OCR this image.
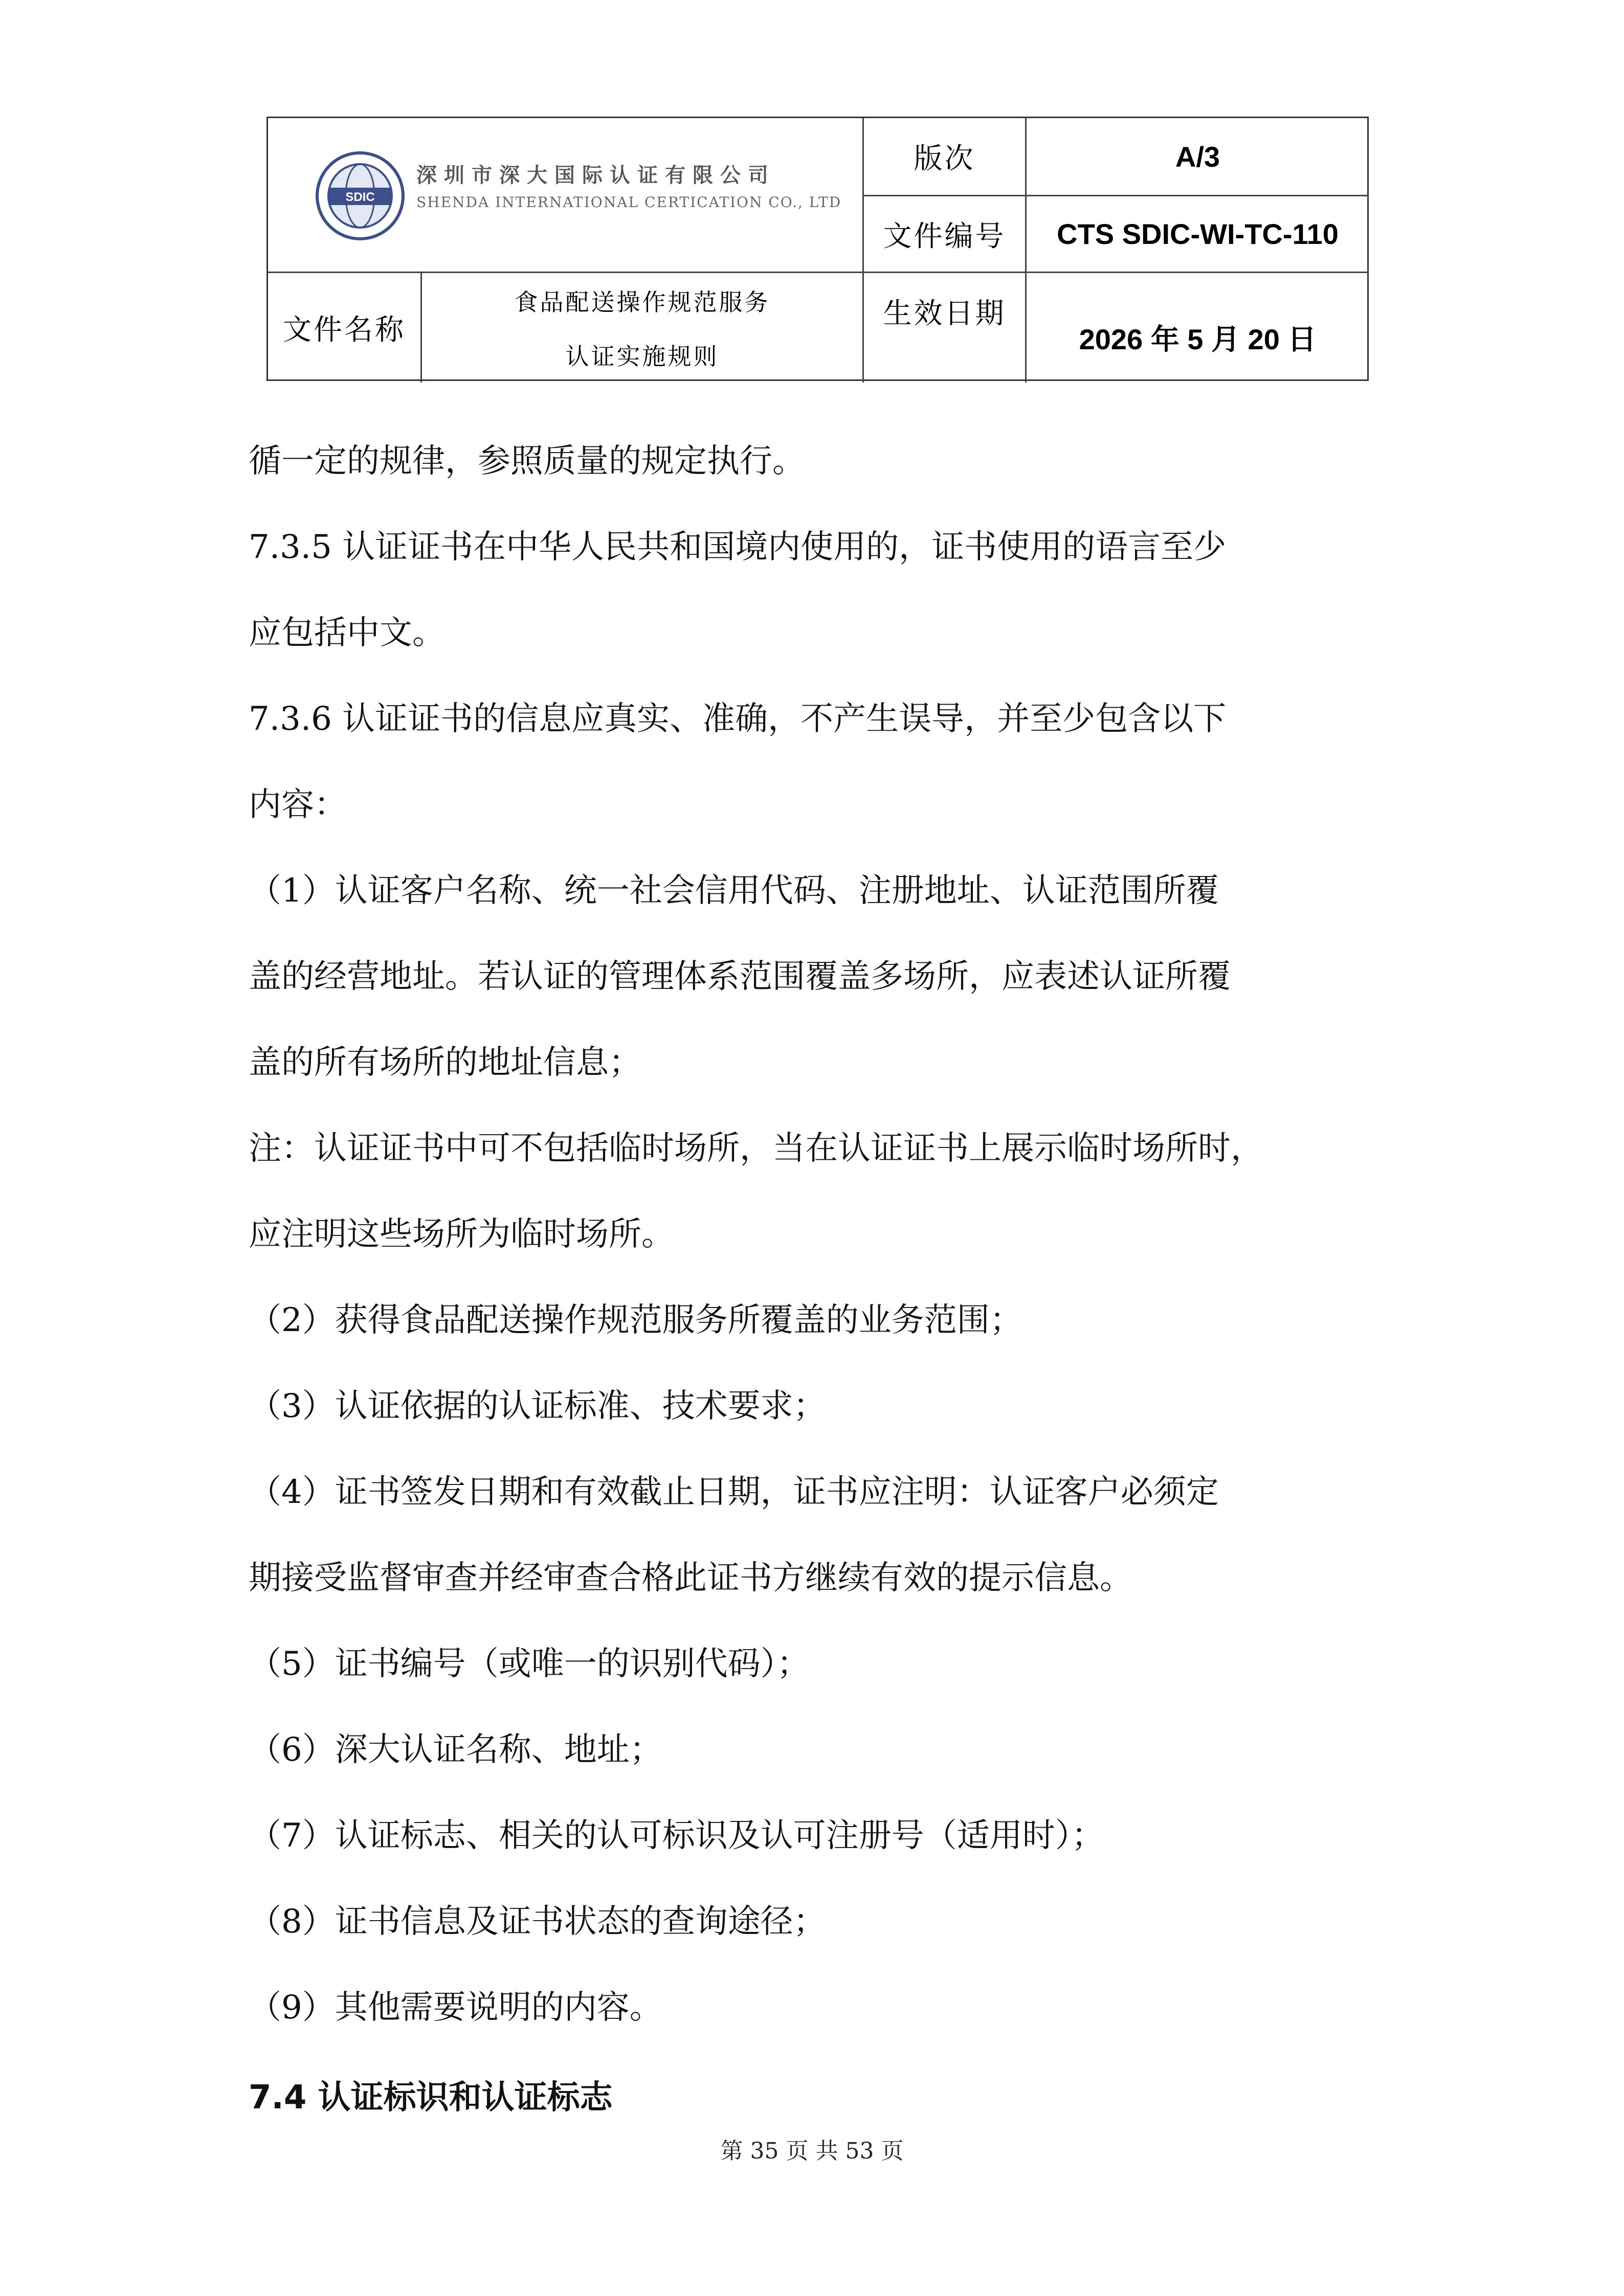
SDIC
深圳市深大国际认证有限公司
SHENDA INTERNATIONAL CERTICATION CO., LTD
版次	A/3
文件编号	CTS SDIC-WI-TC-110
文件名称
食品配送操作规范服务
认证实施规则
生效日期
2026 年 5 月 20 日
循一定的规律，参照质量的规定执行。
7.3.5 认证证书在中华人民共和国境内使用的，证书使用的语言至少
应包括中文。
7.3.6 认证证书的信息应真实、准确，不产生误导，并至少包含以下
内容：
（1）认证客户名称、统一社会信用代码、注册地址、认证范围所覆
盖的经营地址。若认证的管理体系范围覆盖多场所，应表述认证所覆
盖的所有场所的地址信息；
注：认证证书中可不包括临时场所，当在认证证书上展示临时场所时，
应注明这些场所为临时场所。
（2）获得食品配送操作规范服务所覆盖的业务范围；
（3）认证依据的认证标准、技术要求；
（4）证书签发日期和有效截止日期，证书应注明：认证客户必须定
期接受监督审查并经审查合格此证书方继续有效的提示信息。
（5）证书编号（或唯一的识别代码）；
（6）深大认证名称、地址；
（7）认证标志、相关的认可标识及认可注册号（适用时）；
（8）证书信息及证书状态的查询途径；
（9）其他需要说明的内容。
7.4 认证标识和认证标志
第 35 页 共 53 页
